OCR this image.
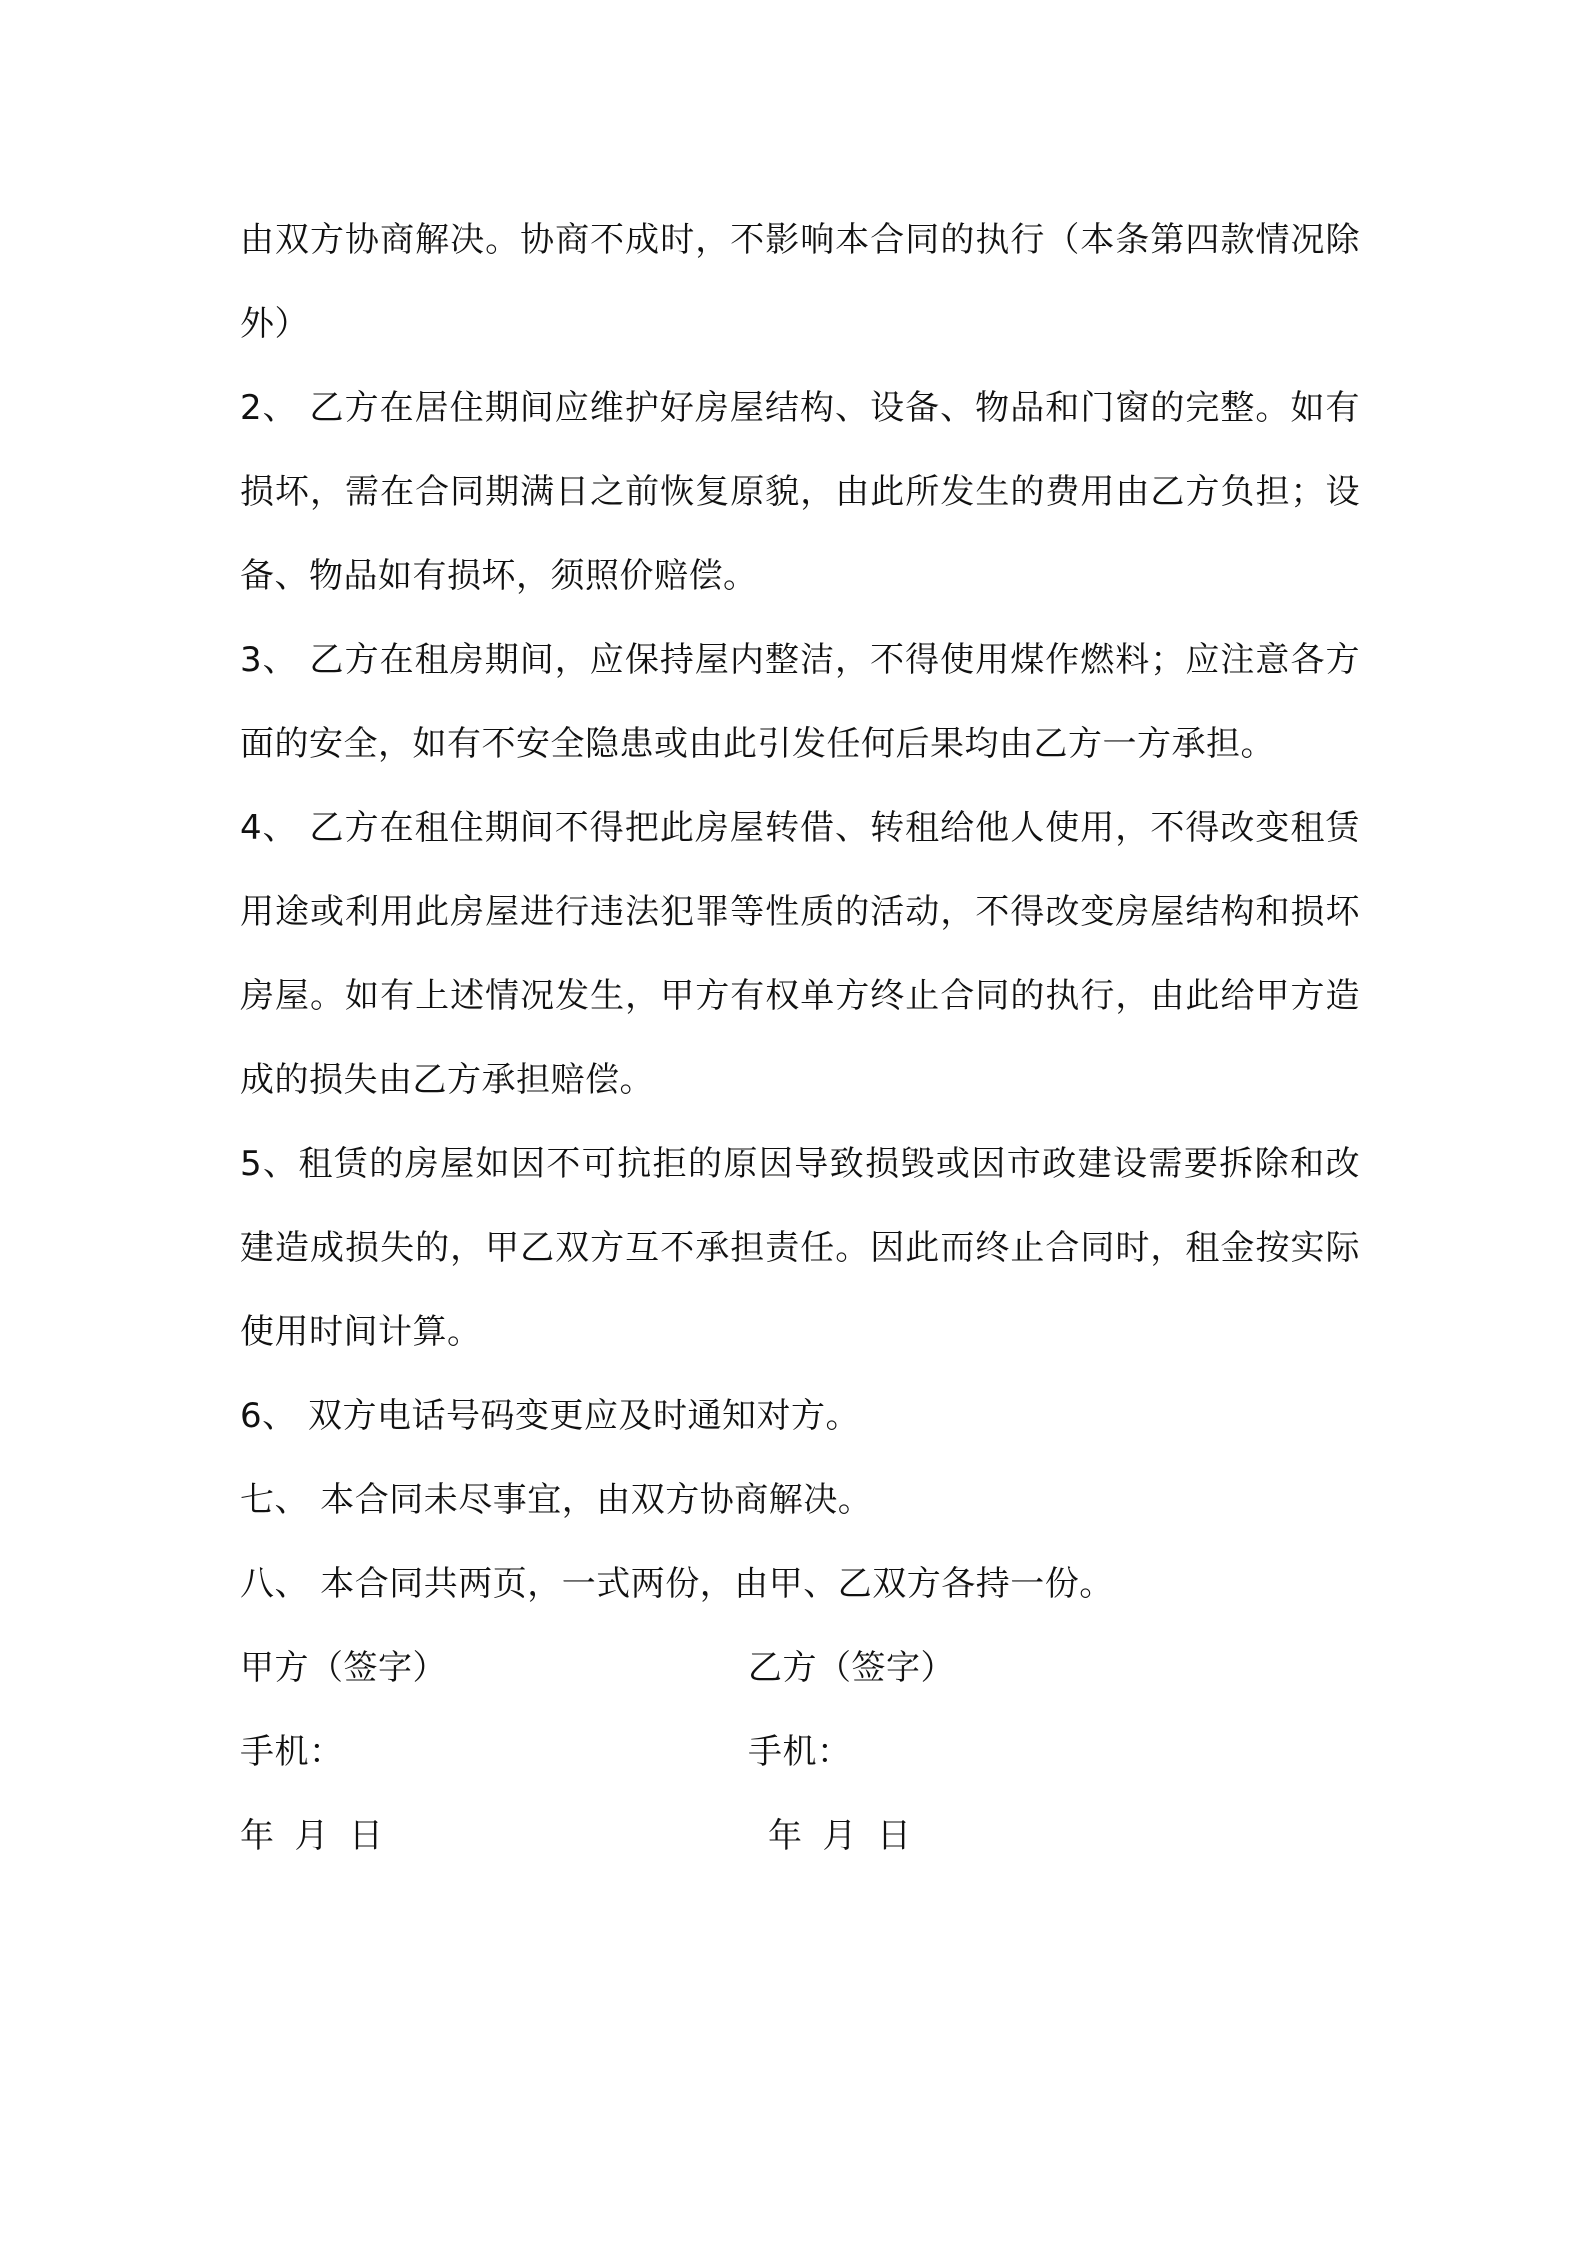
由双方协商解决。协商不成时，不影响本合同的执行（本条第四款情况除外）

2、 乙方在居住期间应维护好房屋结构、设备、物品和门窗的完整。如有损坏，需在合同期满日之前恢复原貌，由此所发生的费用由乙方负担；设备、物品如有损坏，须照价赔偿。

3、 乙方在租房期间，应保持屋内整洁，不得使用煤作燃料；应注意各方面的安全，如有不安全隐患或由此引发任何后果均由乙方一方承担。

4、 乙方在租住期间不得把此房屋转借、转租给他人使用，不得改变租赁用途或利用此房屋进行违法犯罪等性质的活动，不得改变房屋结构和损坏房屋。如有上述情况发生，甲方有权单方终止合同的执行，由此给甲方造成的损失由乙方承担赔偿。

5、租赁的房屋如因不可抗拒的原因导致损毁或因市政建设需要拆除和改建造成损失的，甲乙双方互不承担责任。因此而终止合同时，租金按实际使用时间计算。

6、 双方电话号码变更应及时通知对方。

七、 本合同未尽事宜，由双方协商解决。

八、 本合同共两页，一式两份，由甲、乙双方各持一份。

甲方（签字）	乙方（签字）
手机：	手机：
年 月 日	年 月 日
